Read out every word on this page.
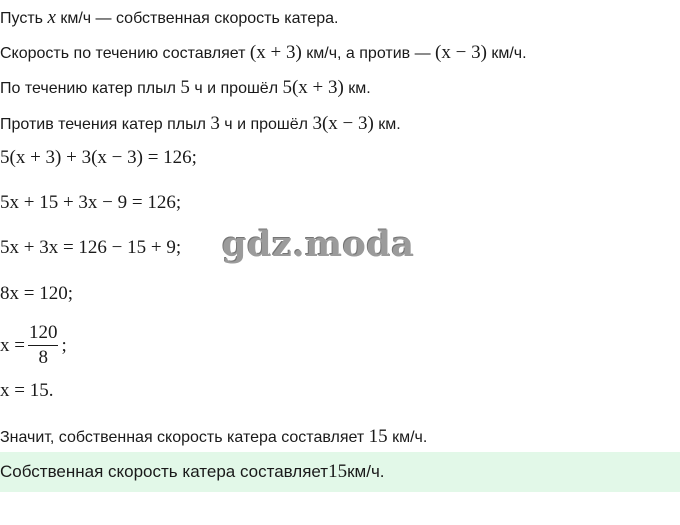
Пусть x км/ч — собственная скорость катера.
Скорость по течению составляет (x + 3) км/ч, а против — (x − 3) км/ч.
По течению катер плыл 5 ч и прошёл 5(x + 3) км.
Против течения катер плыл 3 ч и прошёл 3(x − 3) км.
5(x + 3) + 3(x − 3) = 126;
5x + 15 + 3x − 9 = 126;
5x + 3x = 126 − 15 + 9;
8x = 120;
$x = \frac{120}{8}$ ;
x = 15.
Значит, собственная скорость катера составляет 15 км/ч.
gdz.moda
Собственная скорость катера составляет 15 км/ч.
